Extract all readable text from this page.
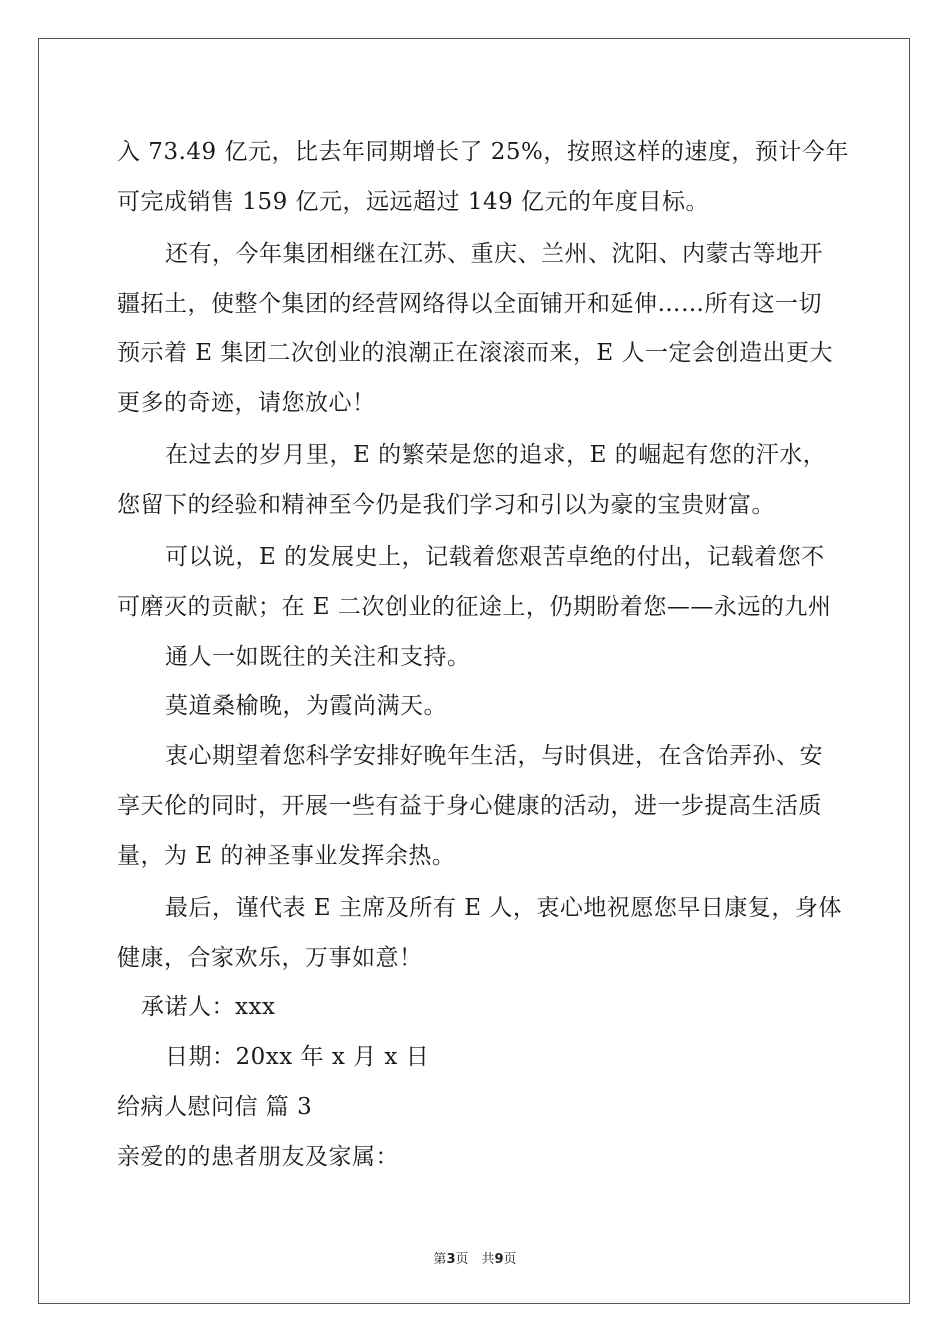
入 73.49 亿元，比去年同期增长了 25%，按照这样的速度，预计今年
可完成销售 159 亿元，远远超过 149 亿元的年度目标。
还有，今年集团相继在江苏、重庆、兰州、沈阳、内蒙古等地开
疆拓土，使整个集团的经营网络得以全面铺开和延伸……所有这一切
预示着 E 集团二次创业的浪潮正在滚滚而来，E 人一定会创造出更大
更多的奇迹，请您放心！
在过去的岁月里，E 的繁荣是您的追求，E 的崛起有您的汗水，
您留下的经验和精神至今仍是我们学习和引以为豪的宝贵财富。
可以说，E 的发展史上，记载着您艰苦卓绝的付出，记载着您不
可磨灭的贡献；在 E 二次创业的征途上，仍期盼着您——永远的九州
通人一如既往的关注和支持。
莫道桑榆晚，为霞尚满天。
衷心期望着您科学安排好晚年生活，与时俱进，在含饴弄孙、安
享天伦的同时，开展一些有益于身心健康的活动，进一步提高生活质
量，为 E 的神圣事业发挥余热。
最后，谨代表 E 主席及所有 E 人，衷心地祝愿您早日康复，身体
健康，合家欢乐，万事如意！
承诺人：xxx
日期：20xx 年 x 月 x 日
给病人慰问信 篇 3
亲爱的的患者朋友及家属：
第3页　共9页
